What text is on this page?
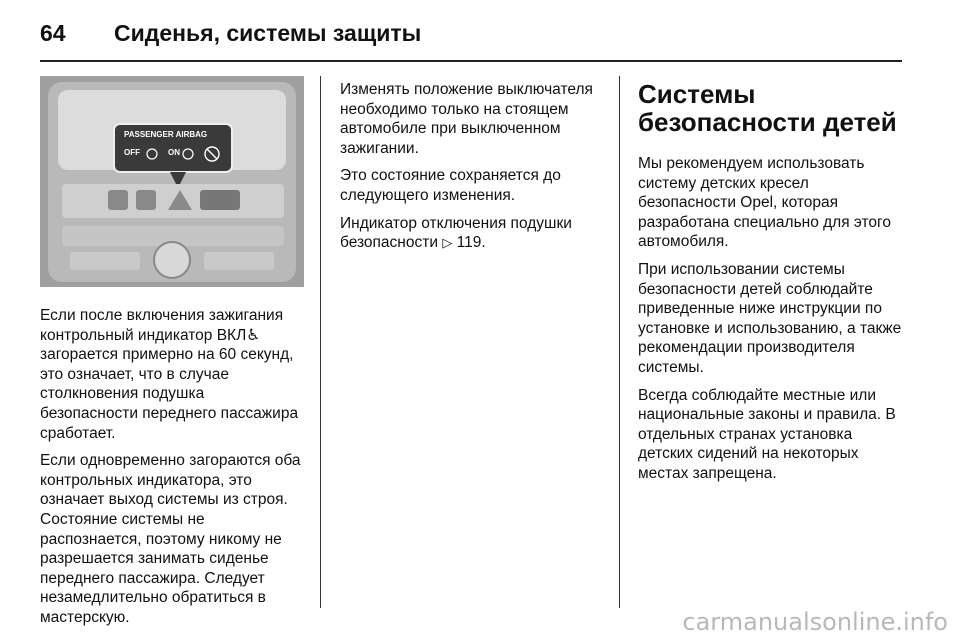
64 Сиденья, системы защиты
PASSENGER AIRBAG
OFF	ON

Если после включения зажигания контрольный индикатор ВКЛ♿︎ загорается примерно на 60 секунд, это означает, что в случае столкновения подушка безопасности переднего пассажира сработает.

Если одновременно загораются оба контрольных индикатора, это означает выход системы из строя. Состояние системы не распознается, поэтому никому не разрешается занимать сиденье переднего пассажира. Следует незамедлительно обратиться в мастерскую.

Изменять положение выключателя необходимо только на стоящем автомобиле при выключенном зажигании.

Это состояние сохраняется до следующего изменения.

Индикатор отключения подушки безопасности ▷ 119.

Системы безопасности детей

Мы рекомендуем использовать систему детских кресел безопасности Opel, которая разработана специально для этого автомобиля.

При использовании системы безопасности детей соблюдайте приведенные ниже инструкции по установке и использованию, а также рекомендации производителя системы.

Всегда соблюдайте местные или национальные законы и правила. В отдельных странах установка детских сидений на некоторых местах запрещена.

carmanualsonline.info
